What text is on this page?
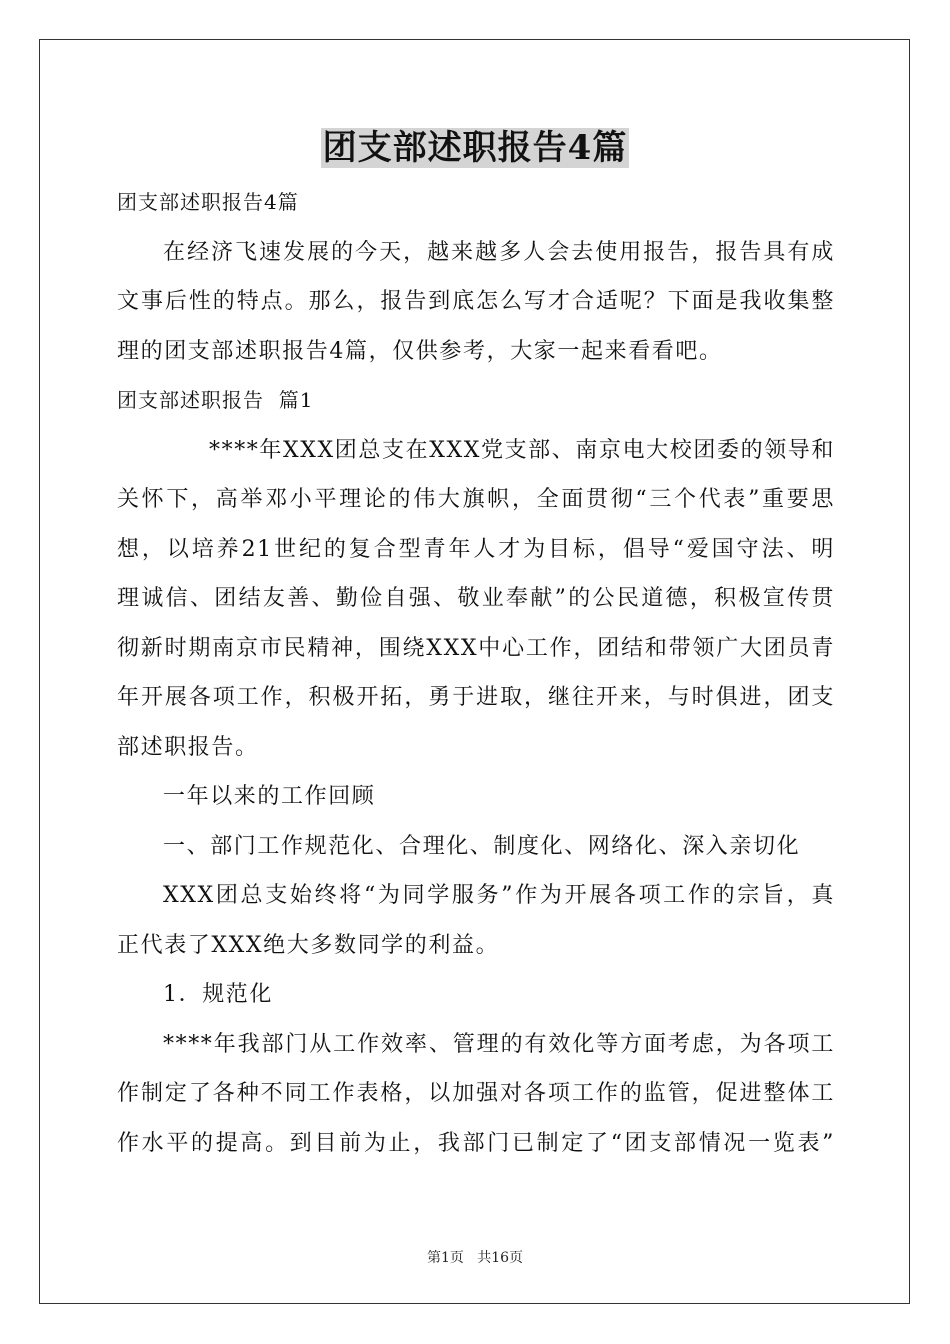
团支部述职报告4篇
团支部述职报告4篇
在经济飞速发展的今天，越来越多人会去使用报告，报告具有成
文事后性的特点。那么，报告到底怎么写才合适呢？下面是我收集整
理的团支部述职报告4篇，仅供参考，大家一起来看看吧。
团支部述职报告  篇1
****年XXX团总支在XXX党支部、南京电大校团委的领导和
关怀下，高举邓小平理论的伟大旗帜，全面贯彻“三个代表”重要思
想，以培养21世纪的复合型青年人才为目标，倡导“爱国守法、明
理诚信、团结友善、勤俭自强、敬业奉献”的公民道德，积极宣传贯
彻新时期南京市民精神，围绕XXX中心工作，团结和带领广大团员青
年开展各项工作，积极开拓，勇于进取，继往开来，与时俱进，团支
部述职报告。
一年以来的工作回顾
一、部门工作规范化、合理化、制度化、网络化、深入亲切化
XXX团总支始终将“为同学服务”作为开展各项工作的宗旨，真
正代表了XXX绝大多数同学的利益。
1．规范化
****年我部门从工作效率、管理的有效化等方面考虑，为各项工
作制定了各种不同工作表格，以加强对各项工作的监管，促进整体工
作水平的提高。到目前为止，我部门已制定了“团支部情况一览表”
第1页   共16页
